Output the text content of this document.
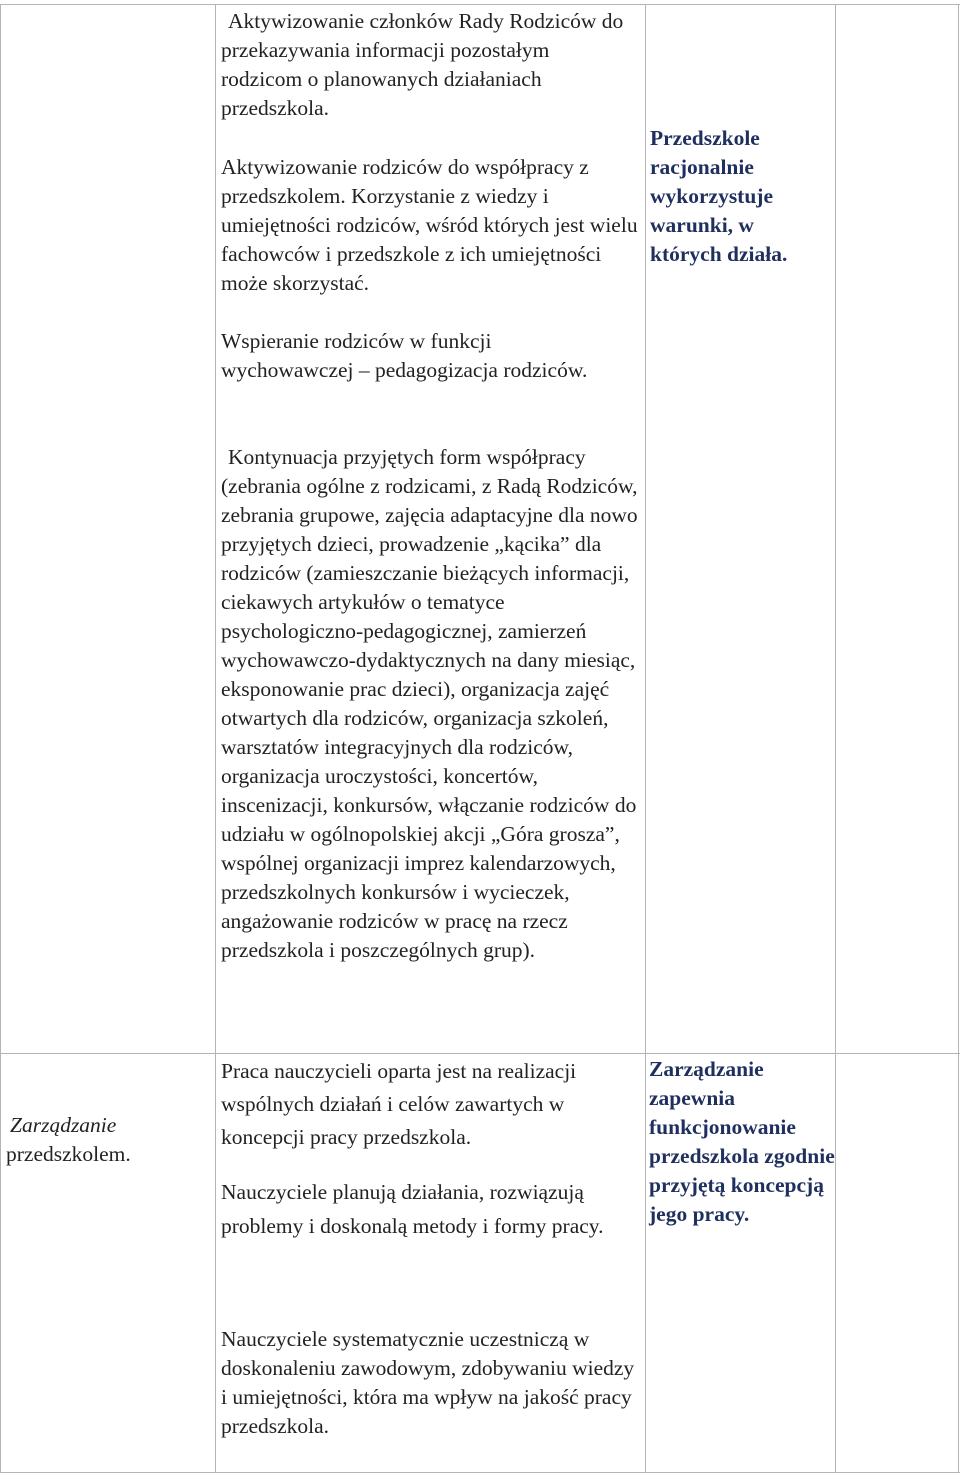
Aktywizowanie członków Rady Rodziców do przekazywania informacji pozostałym rodzicom o planowanych działaniach przedszkola.

Aktywizowanie rodziców do współpracy z przedszkolem. Korzystanie z wiedzy i umiejętności rodziców, wśród których jest wielu fachowców i przedszkole z ich umiejętności może skorzystać.

Wspieranie rodziców w funkcji wychowawczej – pedagogizacja rodziców.

Kontynuacja przyjętych form współpracy (zebrania ogólne z rodzicami, z Radą Rodziców, zebrania grupowe, zajęcia adaptacyjne dla nowo przyjętych dzieci, prowadzenie „kącika” dla rodziców (zamieszczanie bieżących informacji, ciekawych artykułów o tematyce psychologiczno-pedagogicznej, zamierzeń wychowawczo-dydaktycznych na dany miesiąc, eksponowanie prac dzieci), organizacja zajęć otwartych dla rodziców, organizacja szkoleń, warsztatów integracyjnych dla rodziców, organizacja uroczystości, koncertów, inscenizacji, konkursów, włączanie rodziców do udziału w ogólnopolskiej akcji „Góra grosza”, wspólnej organizacji imprez kalendarzowych, przedszkolnych konkursów i wycieczek, angażowanie rodziców w pracę na rzecz przedszkola i poszczególnych grup).

Przedszkole racjonalnie wykorzystuje warunki, w których działa.

Zarządzanie
przedszkolem.

Praca nauczycieli oparta jest na realizacji wspólnych działań i celów zawartych w koncepcji pracy przedszkola.

Nauczyciele planują działania, rozwiązują problemy i doskonalą metody i formy pracy.

Nauczyciele systematycznie uczestniczą w doskonaleniu zawodowym, zdobywaniu wiedzy i umiejętności, która ma wpływ na jakość pracy przedszkola.

Zarządzanie zapewnia funkcjonowanie przedszkola zgodnie przyjętą koncepcją jego pracy.
